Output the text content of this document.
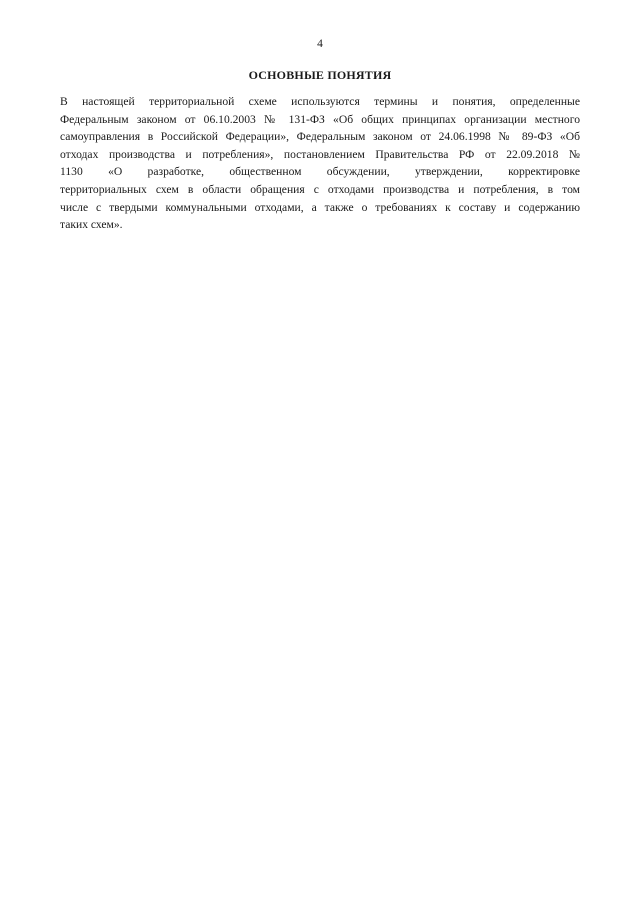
4
ОСНОВНЫЕ ПОНЯТИЯ
В настоящей территориальной схеме используются термины и понятия, определенные
Федеральным законом от 06.10.2003 № 131-ФЗ «Об общих принципах организации местного
самоуправления в Российской Федерации», Федеральным законом от 24.06.1998 № 89-ФЗ «Об
отходах производства и потребления», постановлением Правительства РФ от 22.09.2018 №
1130 «О разработке, общественном обсуждении, утверждении, корректировке
территориальных схем в области обращения с отходами производства и потребления, в том
числе с твердыми коммунальными отходами, а также о требованиях к составу и содержанию
таких схем».
